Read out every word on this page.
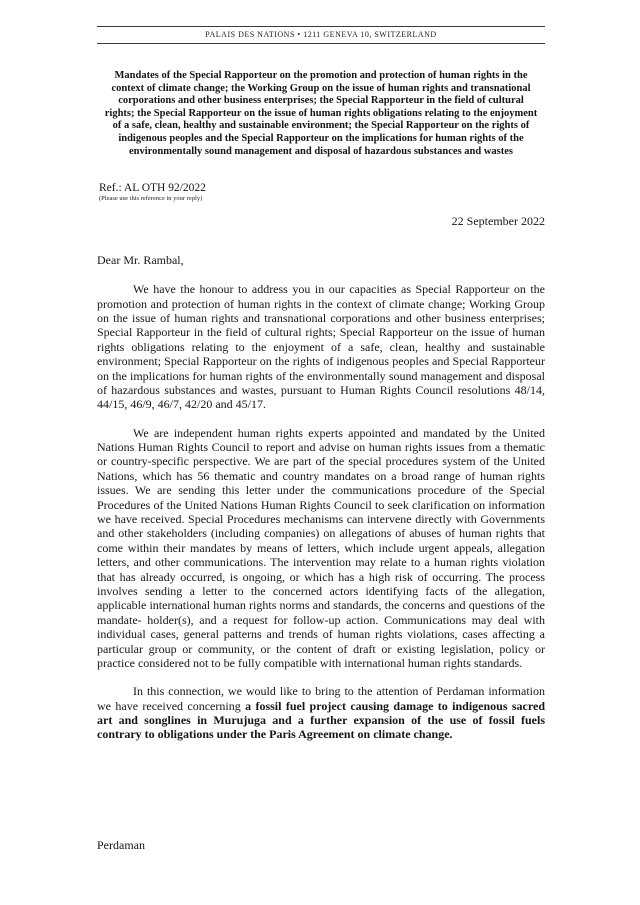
PALAIS DES NATIONS • 1211 GENEVA 10, SWITZERLAND
Mandates of the Special Rapporteur on the promotion and protection of human rights in the context of climate change; the Working Group on the issue of human rights and transnational corporations and other business enterprises; the Special Rapporteur in the field of cultural rights; the Special Rapporteur on the issue of human rights obligations relating to the enjoyment of a safe, clean, healthy and sustainable environment; the Special Rapporteur on the rights of indigenous peoples and the Special Rapporteur on the implications for human rights of the environmentally sound management and disposal of hazardous substances and wastes
Ref.: AL OTH 92/2022
(Please use this reference in your reply)
22 September 2022
Dear Mr. Rambal,

We have the honour to address you in our capacities as Special Rapporteur on the promotion and protection of human rights in the context of climate change; Working Group on the issue of human rights and transnational corporations and other business enterprises; Special Rapporteur in the field of cultural rights; Special Rapporteur on the issue of human rights obligations relating to the enjoyment of a safe, clean, healthy and sustainable environment; Special Rapporteur on the rights of indigenous peoples and Special Rapporteur on the implications for human rights of the environmentally sound management and disposal of hazardous substances and wastes, pursuant to Human Rights Council resolutions 48/14, 44/15, 46/9, 46/7, 42/20 and 45/17.

We are independent human rights experts appointed and mandated by the United Nations Human Rights Council to report and advise on human rights issues from a thematic or country-specific perspective. We are part of the special procedures system of the United Nations, which has 56 thematic and country mandates on a broad range of human rights issues. We are sending this letter under the communications procedure of the Special Procedures of the United Nations Human Rights Council to seek clarification on information we have received. Special Procedures mechanisms can intervene directly with Governments and other stakeholders (including companies) on allegations of abuses of human rights that come within their mandates by means of letters, which include urgent appeals, allegation letters, and other communications. The intervention may relate to a human rights violation that has already occurred, is ongoing, or which has a high risk of occurring. The process involves sending a letter to the concerned actors identifying facts of the allegation, applicable international human rights norms and standards, the concerns and questions of the mandate- holder(s), and a request for follow-up action. Communications may deal with individual cases, general patterns and trends of human rights violations, cases affecting a particular group or community, or the content of draft or existing legislation, policy or practice considered not to be fully compatible with international human rights standards.

In this connection, we would like to bring to the attention of Perdaman information we have received concerning a fossil fuel project causing damage to indigenous sacred art and songlines in Murujuga and a further expansion of the use of fossil fuels contrary to obligations under the Paris Agreement on climate change.

Perdaman
